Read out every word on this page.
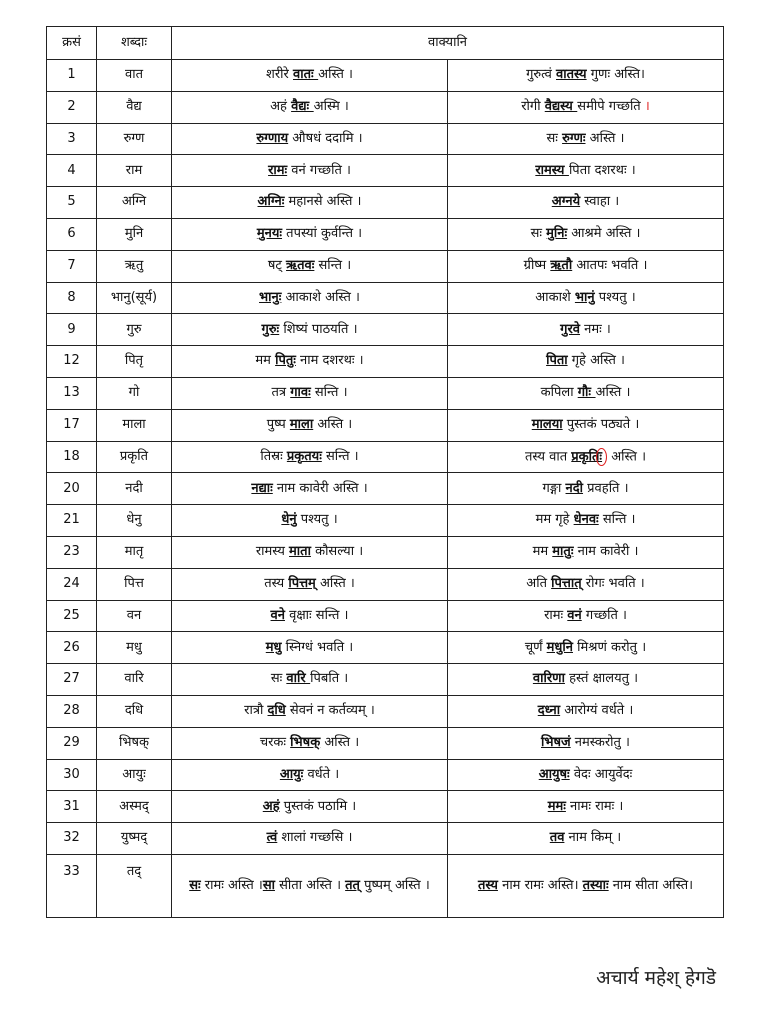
क्रसं	शब्दाः	वाक्यानि	
1	वात	शरीरे वातः अस्ति ।	गुरुत्वं वातस्य गुणः अस्ति।
2	वैद्य	अहं वैद्यः अस्मि ।	रोगी वैद्यस्य समीपे गच्छति ।
3	रुग्ण	रुग्णाय औषधं ददामि ।	सः रुग्णः अस्ति ।
4	राम	रामः वनं गच्छति ।	रामस्य पिता दशरथः ।
5	अग्नि	अग्निः महानसे अस्ति ।	अग्नये स्वाहा ।
6	मुनि	मुनयः तपस्यां कुर्वन्ति ।	सः मुनिः आश्रमे अस्ति ।
7	ऋतु	षट् ऋतवः सन्ति ।	ग्रीष्म ऋतौ आतपः भवति ।
8	भानु(सूर्य)	भानुः आकाशे अस्ति ।	आकाशे भानुं पश्यतु ।
9	गुरु	गुरुः शिष्यं पाठयति ।	गुरवे नमः ।
12	पितृ	मम पितुः नाम दशरथः ।	पिता गृहे अस्ति ।
13	गो	तत्र गावः सन्ति ।	कपिला गौः अस्ति ।
17	माला	पुष्प माला अस्ति ।	मालया पुस्तकं पठ्यते ।
18	प्रकृति	तिस्रः प्रकृतयः सन्ति ।	तस्य वात प्रकृतिः अस्ति ।
20	नदी	नद्याः नाम कावेरी अस्ति ।	गङ्गा नदी प्रवहति ।
21	धेनु	धेनुं पश्यतु ।	मम गृहे धेनवः सन्ति ।
23	मातृ	रामस्य माता कौसल्या ।	मम मातुः नाम कावेरी ।
24	पित्त	तस्य पित्तम् अस्ति ।	अति पित्तात् रोगः भवति ।
25	वन	वने वृक्षाः सन्ति ।	रामः वनं गच्छति ।
26	मधु	मधु स्निग्धं भवति ।	चूर्णं मधुनि मिश्रणं करोतु ।
27	वारि	सः वारि पिबति ।	वारिणा हस्तं क्षालयतु ।
28	दधि	रात्रौ दधि सेवनं न कर्तव्यम् ।	दध्ना आरोग्यं वर्धते ।
29	भिषक्	चरकः भिषक् अस्ति ।	भिषजं नमस्करोतु ।
30	आयुः	आयुः वर्धते ।	आयुषः वेदः आयुर्वेदः
31	अस्मद्	अहं पुस्तकं पठामि ।	ममः नामः रामः ।
32	युष्मद्	त्वं शालां गच्छसि ।	तव नाम किम् ।
33	तद्	सः रामः अस्ति ।सा सीता अस्ति । तत् पुष्पम् अस्ति ।	तस्य नाम रामः अस्ति। तस्याः नाम सीता अस्ति।
अचार्य महेश् हेगडॆ
